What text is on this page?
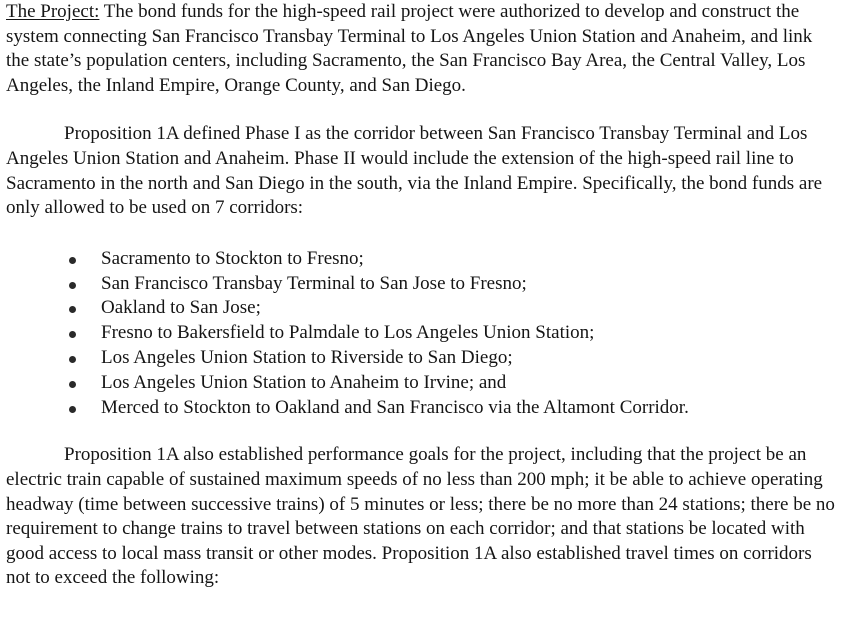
The Project: The bond funds for the high-speed rail project were authorized to develop and construct the system connecting San Francisco Transbay Terminal to Los Angeles Union Station and Anaheim, and link the state’s population centers, including Sacramento, the San Francisco Bay Area, the Central Valley, Los Angeles, the Inland Empire, Orange County, and San Diego.

Proposition 1A defined Phase I as the corridor between San Francisco Transbay Terminal and Los Angeles Union Station and Anaheim. Phase II would include the extension of the high-speed rail line to Sacramento in the north and San Diego in the south, via the Inland Empire. Specifically, the bond funds are only allowed to be used on 7 corridors:

Sacramento to Stockton to Fresno;
San Francisco Transbay Terminal to San Jose to Fresno;
Oakland to San Jose;
Fresno to Bakersfield to Palmdale to Los Angeles Union Station;
Los Angeles Union Station to Riverside to San Diego;
Los Angeles Union Station to Anaheim to Irvine; and
Merced to Stockton to Oakland and San Francisco via the Altamont Corridor.

Proposition 1A also established performance goals for the project, including that the project be an electric train capable of sustained maximum speeds of no less than 200 mph; it be able to achieve operating headway (time between successive trains) of 5 minutes or less; there be no more than 24 stations; there be no requirement to change trains to travel between stations on each corridor; and that stations be located with good access to local mass transit or other modes. Proposition 1A also established travel times on corridors not to exceed the following:
